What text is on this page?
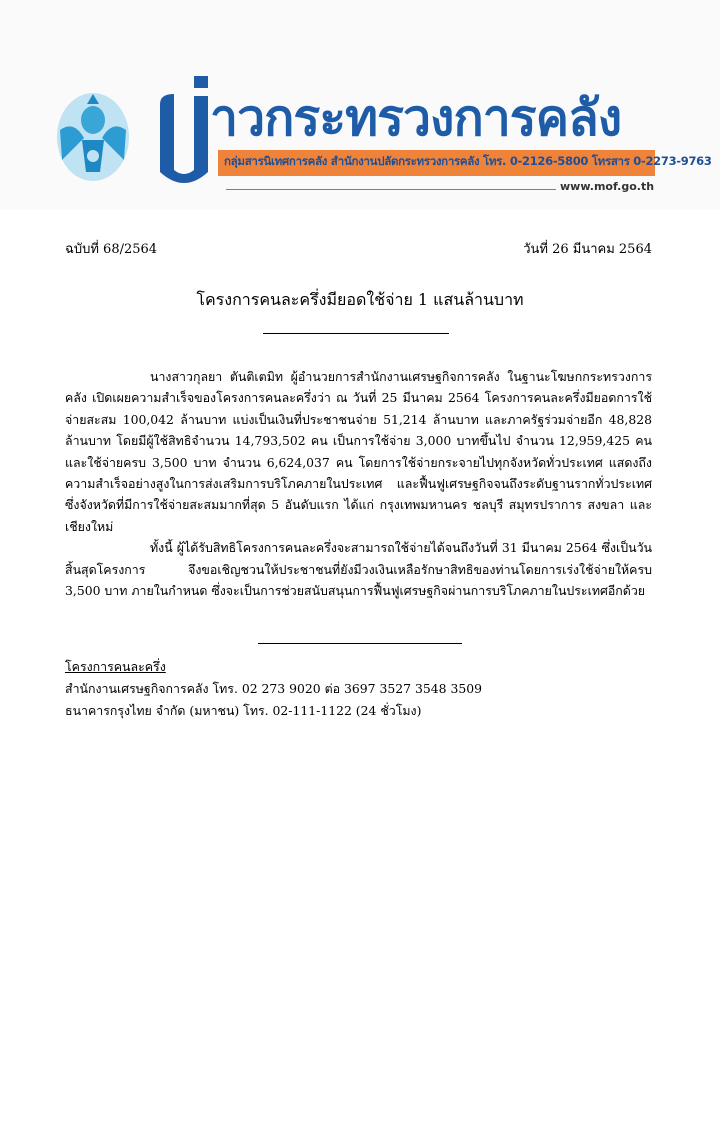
าวกระทรวงการคลัง
กลุ่มสารนิเทศการคลัง สำนักงานปลัดกระทรวงการคลัง โทร. 0-2126-5800 โทรสาร 0-2273-9763
www.mof.go.th
ฉบับที่ 68/2564	วันที่ 26 มีนาคม 2564
โครงการคนละครึ่งมียอดใช้จ่าย 1 แสนล้านบาท

นางสาวกุลยา ตันติเตมิท ผู้อำนวยการสำนักงานเศรษฐกิจการคลัง ในฐานะโฆษกกระทรวงการคลัง เปิดเผยความสำเร็จของโครงการคนละครึ่งว่า ณ วันที่ 25 มีนาคม 2564 โครงการคนละครึ่งมียอดการใช้จ่ายสะสม 100,042 ล้านบาท แบ่งเป็นเงินที่ประชาชนจ่าย 51,214 ล้านบาท และภาครัฐร่วมจ่ายอีก 48,828 ล้านบาท โดยมีผู้ใช้สิทธิจำนวน 14,793,502 คน เป็นการใช้จ่าย 3,000 บาทขึ้นไป จำนวน 12,959,425 คน และใช้จ่ายครบ 3,500 บาท จำนวน 6,624,037 คน โดยการใช้จ่ายกระจายไปทุกจังหวัดทั่วประเทศ แสดงถึงความสำเร็จอย่างสูงในการส่งเสริมการบริโภคภายในประเทศ และฟื้นฟูเศรษฐกิจจนถึงระดับฐานรากทั่วประเทศ ซึ่งจังหวัดที่มีการใช้จ่ายสะสมมากที่สุด 5 อันดับแรก ได้แก่ กรุงเทพมหานคร ชลบุรี สมุทรปราการ สงขลา และเชียงใหม่

ทั้งนี้ ผู้ได้รับสิทธิโครงการคนละครึ่งจะสามารถใช้จ่ายได้จนถึงวันที่ 31 มีนาคม 2564 ซึ่งเป็นวันสิ้นสุดโครงการ จึงขอเชิญชวนให้ประชาชนที่ยังมีวงเงินเหลือรักษาสิทธิของท่านโดยการเร่งใช้จ่ายให้ครบ 3,500 บาท ภายในกำหนด ซึ่งจะเป็นการช่วยสนับสนุนการฟื้นฟูเศรษฐกิจผ่านการบริโภคภายในประเทศอีกด้วย

โครงการคนละครึ่ง
สำนักงานเศรษฐกิจการคลัง โทร. 02 273 9020 ต่อ 3697 3527 3548 3509
ธนาคารกรุงไทย จำกัด (มหาชน) โทร. 02-111-1122 (24 ชั่วโมง)
